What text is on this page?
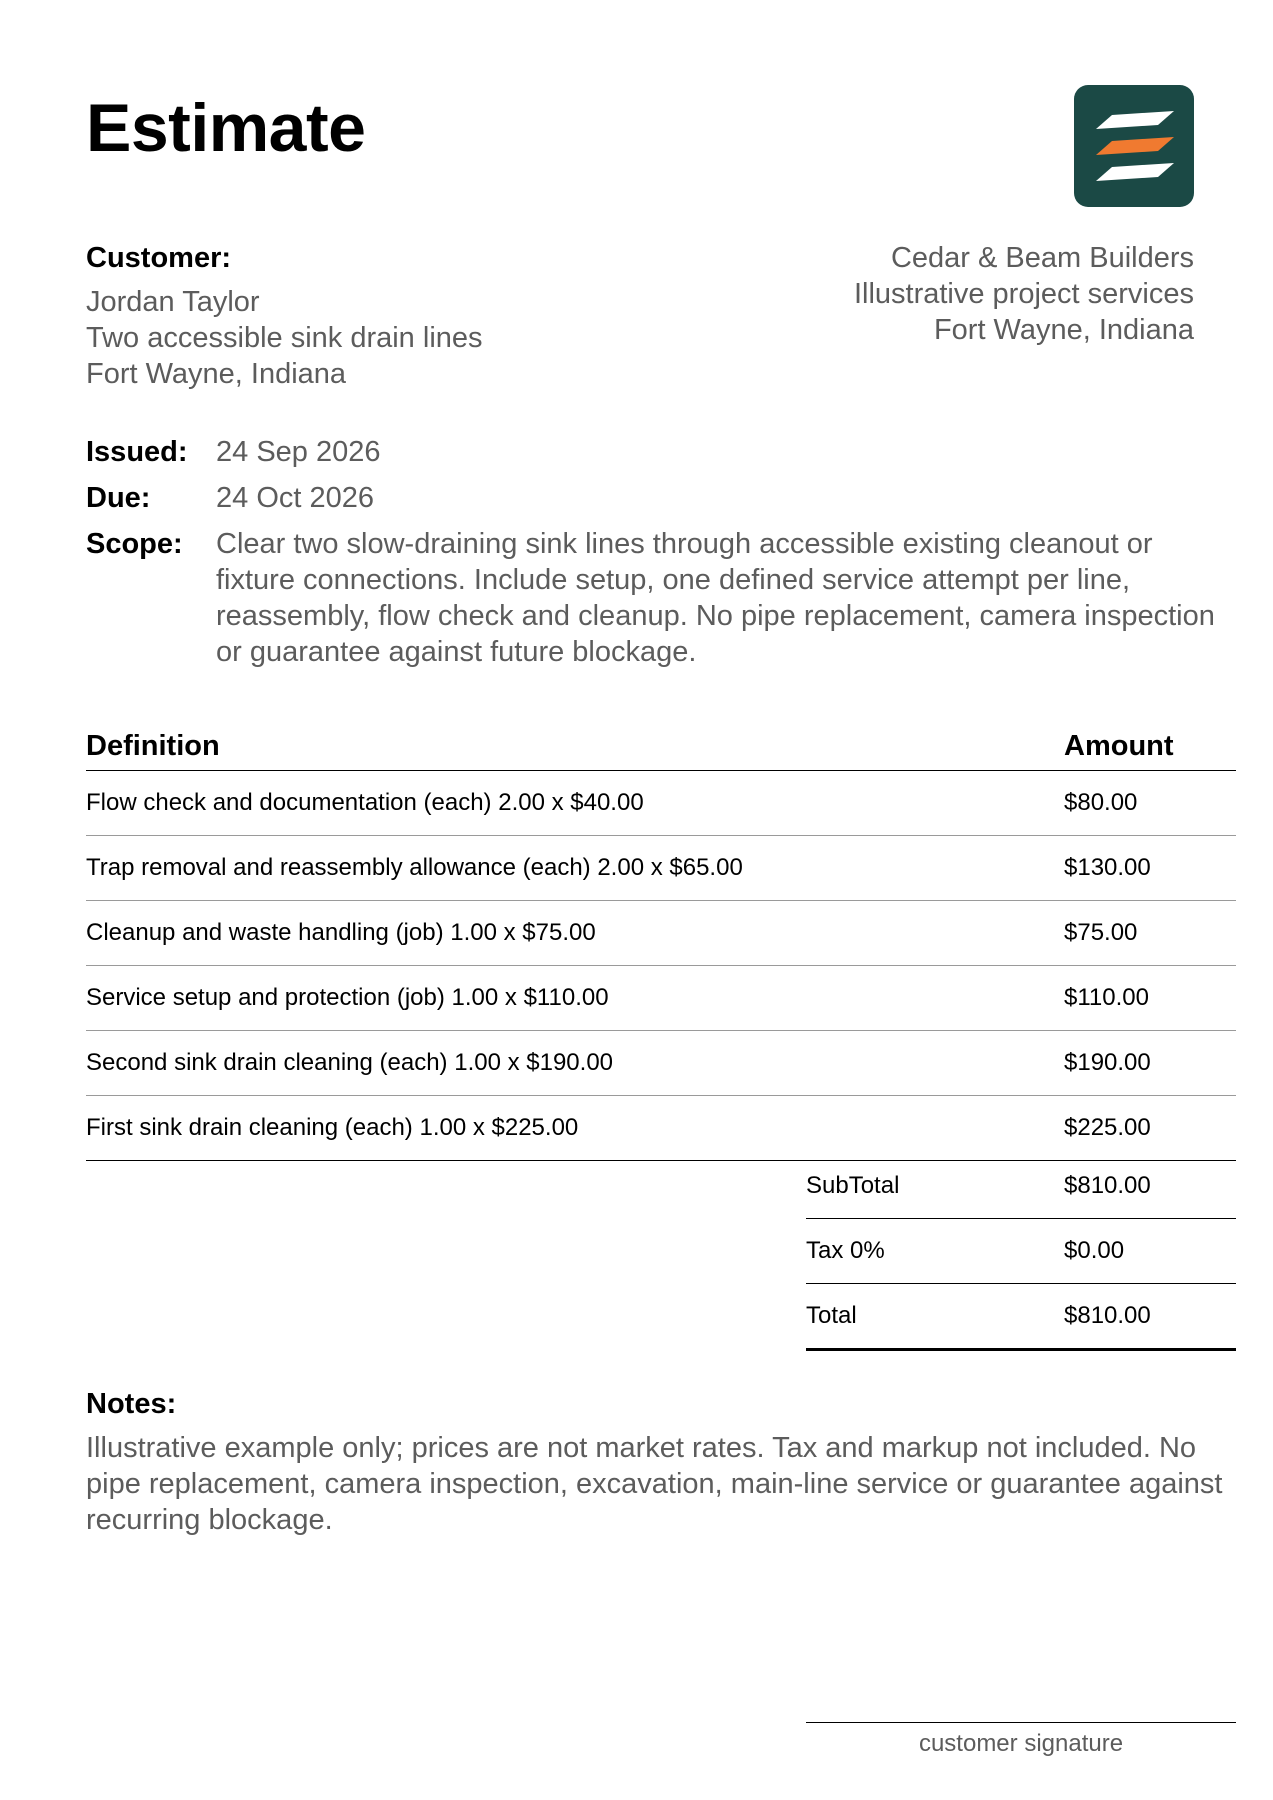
Estimate
Customer:
Jordan Taylor
Two accessible sink drain lines
Fort Wayne, Indiana
Cedar & Beam Builders
Illustrative project services
Fort Wayne, Indiana
Issued: 24 Sep 2026
Due:	24 Oct 2026
Scope:	Clear two slow-draining sink lines through accessible existing cleanout or fixture connections. Include setup, one defined service attempt per line, reassembly, flow check and cleanup. No pipe replacement, camera inspection or guarantee against future blockage.
Definition	Amount
Flow check and documentation (each) 2.00 x $40.00	$80.00
Trap removal and reassembly allowance (each) 2.00 x $65.00	$130.00
Cleanup and waste handling (job) 1.00 x $75.00	$75.00
Service setup and protection (job) 1.00 x $110.00	$110.00
Second sink drain cleaning (each) 1.00 x $190.00	$190.00
First sink drain cleaning (each) 1.00 x $225.00	$225.00
SubTotal	$810.00
Tax 0%	$0.00
Total	$810.00
Notes:
Illustrative example only; prices are not market rates. Tax and markup not included. No pipe replacement, camera inspection, excavation, main-line service or guarantee against recurring blockage.
customer signature
